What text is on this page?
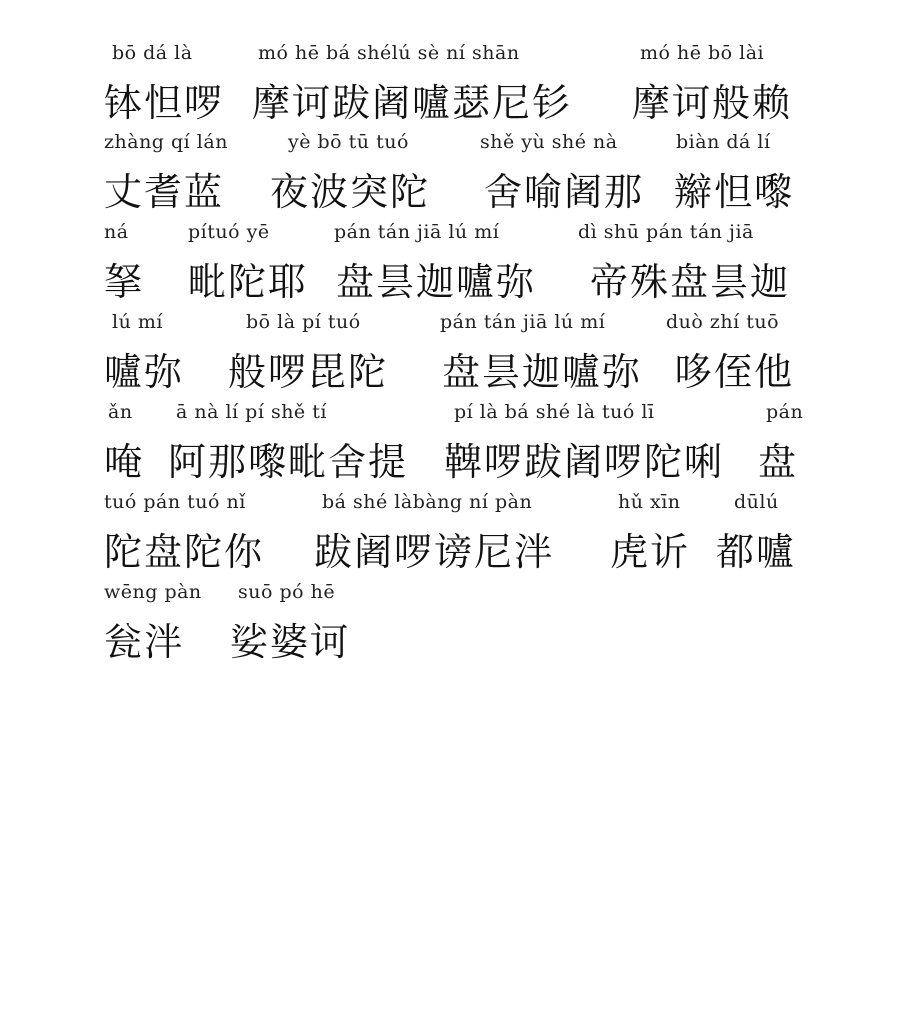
bō dá là
钵怛啰
mó hē bá shélú sè ní shān
摩诃跋阇嚧瑟尼钐
mó hē bō lài
摩诃般赖
zhàng qí lán
丈耆蓝
yè bō tū tuó
夜波突陀
shě yù shé nà
舍喻阇那
biàn dá lí
辮怛嚟
ná
拏
pítuó yē
毗陀耶
pán tán jiā lú mí
盘昙迦嚧弥
dì shū pán tán jiā
帝殊盘昙迦
lú mí
嚧弥
bō là pí tuó
般啰毘陀
pán tán jiā lú mí
盘昙迦嚧弥
duò zhí tuō
哆侄他
ǎn
唵
ā nà lí pí shě tí
阿那嚟毗舍提
pí là bá shé là tuó lī
鞞啰跋阇啰陀唎
pán
盘
tuó pán tuó nǐ
陀盘陀你
bá shé làbàng ní pàn
跋阇啰谤尼泮
hǔ xīn
虎䜣
dūlú
都嚧
wēng pàn
瓮泮
suō pó hē
娑婆诃
